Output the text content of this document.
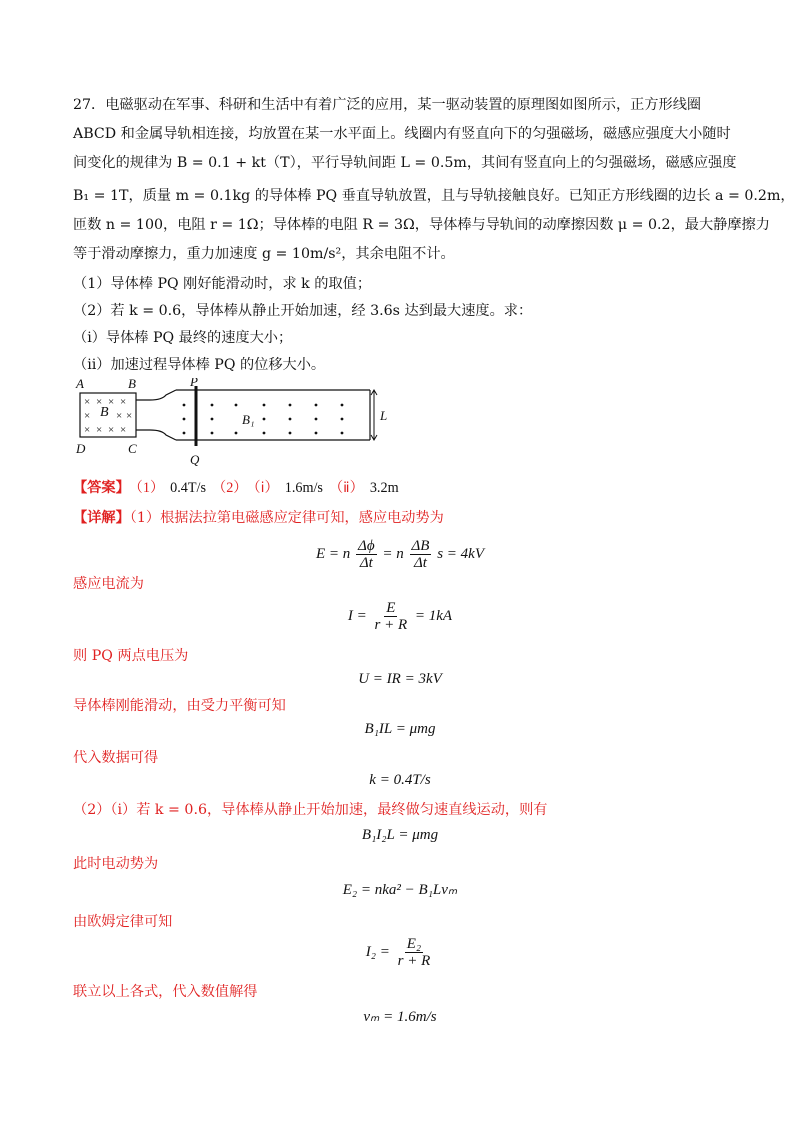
27．电磁驱动在军事、科研和生活中有着广泛的应用，某一驱动装置的原理图如图所示，正方形线圈
ABCD 和金属导轨相连接，均放置在某一水平面上。线圈内有竖直向下的匀强磁场，磁感应强度大小随时
间变化的规律为 B = 0.1 + kt（T），平行导轨间距 L = 0.5m，其间有竖直向上的匀强磁场，磁感应强度
B₁ = 1T，质量 m = 0.1kg 的导体棒 PQ 垂直导轨放置，且与导轨接触良好。已知正方形线圈的边长 a = 0.2m，
匝数 n = 100，电阻 r = 1Ω；导体棒的电阻 R = 3Ω，导体棒与导轨间的动摩擦因数 μ = 0.2，最大静摩擦力
等于滑动摩擦力，重力加速度 g = 10m/s²，其余电阻不计。
（1）导体棒 PQ 刚好能滑动时，求 k 的取值；
（2）若 k = 0.6，导体棒从静止开始加速，经 3.6s 达到最大速度。求：
（ⅰ）导体棒 PQ 最终的速度大小；
（ⅱ）加速过程导体棒 PQ 的位移大小。
× × × ×
× × ×
× × × ×
A	B
D	C
P
Q
B	B₁	L
【答案】 （1） 0.4T/s （2） （ⅰ） 1.6m/s （ⅱ） 3.2m
【详解】（1）根据法拉第电磁感应定律可知，感应电动势为
E = n $\frac{\Delta\phi}{\Delta t} = n \frac{\Delta B}{\Delta t}$ s = 4kV
感应电流为
$I = \frac{E}{r + R} = 1kA$
则 PQ 两点电压为
U = IR = 3kV
导体棒刚能滑动，由受力平衡可知
B₁IL = μmg
代入数据可得
k = 0.4T/s
（2）（ⅰ）若 k = 0.6，导体棒从静止开始加速，最终做匀速直线运动，则有
B₁I₂L = μmg
此时电动势为
E₂ = nka² − B₁Lvₘ
由欧姆定律可知
$I_2 = \frac{\text{E₂}}{r + R}$
联立以上各式，代入数值解得
vₘ = 1.6m/s
